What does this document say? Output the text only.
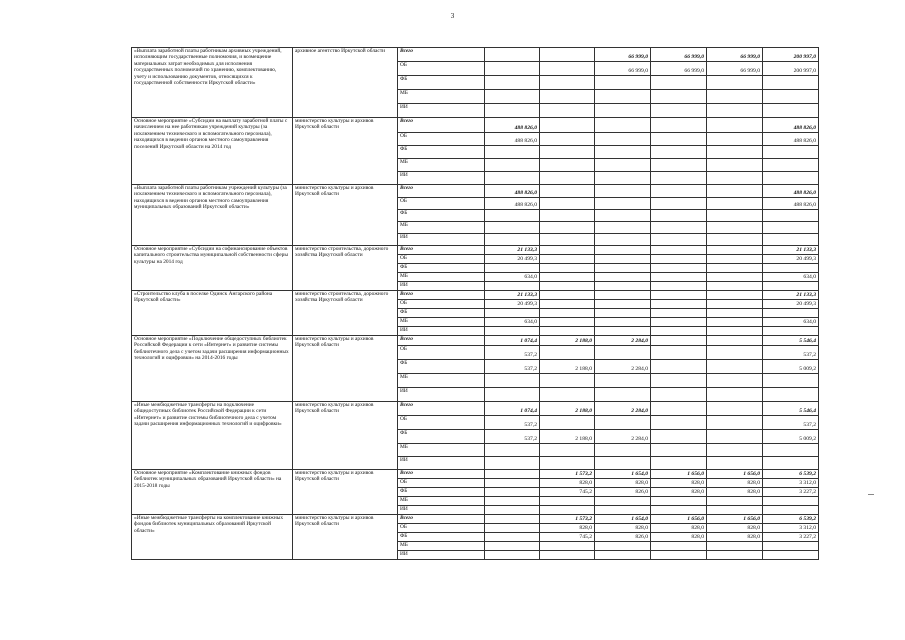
3
«Выплата заработной платы работникам архивных учреждений, исполняющим государственные полномочия, и возмещение материальных затрат необходимых для исполнения государственных полномочий по хранению, комплектованию, учету и использованию документов, относящихся к государственной собственности Иркутской области»	архивное агентство Иркутской области	Всего			66 999,0	66 999,0	66 999,0	200 997,0
		ОБ			66 999,0	66 999,0	66 999,0	200 997,0
		ФБ						
		МБ						
		ИИ						
Основное мероприятие «Субсидии на выплату заработной платы с начислением на нее работникам учреждений культуры (за исключением технического и вспомогательного персонала), находящихся в ведении органов местного самоуправления поселений Иркутской области на 2014 год	министерство культуры и архивов Иркутской области	Всего	488 826,0					488 826,0
		ОБ	488 826,0					488 826,0
		ФБ						
		МБ						
		ИИ						
«Выплата заработной платы работникам учреждений культуры (за исключением технического и вспомогательного персонала), находящихся в ведении органов местного самоуправления муниципальных образований Иркутской области»	министерство культуры и архивов Иркутской области	Всего	488 826,0					488 826,0
		ОБ	488 826,0					488 826,0
		ФБ						
		МБ						
		ИИ						
Основное мероприятие «Субсидии на софинансирование объектов капитального строительства муниципальной собственности сферы культуры на 2014 год	министерство строительства, дорожного хозяйства Иркутской области	Всего	21 133,3					21 133,3
		ОБ	20 499,3					20 499,3
		ФБ						
		МБ	634,0					634,0
		ИИ						
«Строительство клуба в поселке Одинск Ангарского района Иркутской области»	министерство строительства, дорожного хозяйства Иркутской области	Всего	21 133,3					21 133,3
		ОБ	20 499,3					20 499,3
		ФБ						
		МБ	634,0					634,0
		ИИ						
Основное мероприятие «Подключение общедоступных библиотек Российской Федерации к сети «Интернет» и развитие системы библиотечного дела с учетом задачи расширения информационных технологий и оцифровки» на 2014-2016 годы	министерство культуры и архивов Иркутской области	Всего	1 074,4	2 188,0	2 284,0			5 546,4
		ОБ	537,2					537,2
		ФБ	537,2	2 188,0	2 284,0			5 009,2
		МБ						
		ИИ						
«Иные межбюджетные трансферты на подключение общедоступных библиотек Российской Федерации к сети «Интернет» и развитие системы библиотечного дела с учетом задачи расширения информационных технологий и оцифровки»	министерство культуры и архивов Иркутской области	Всего	1 074,4	2 188,0	2 284,0			5 546,4
		ОБ	537,2					537,2
		ФБ	537,2	2 188,0	2 284,0			5 009,2
		МБ						
		ИИ						
Основное мероприятие «Комплектование книжных фондов библиотек муниципальных образований Иркутской области» на 2015-2018 годы	министерство культуры и архивов Иркутской области	Всего		1 573,2	1 654,0	1 656,0	1 656,0	6 539,2
		ОБ		828,0	828,0	828,0	828,0	3 312,0
		ФБ		745,2	826,0	828,0	828,0	3 227,2
		МБ						
		ИИ						
«Иные межбюджетные трансферты на комплектование книжных фондов библиотек муниципальных образований Иркутской области»	министерство культуры и архивов Иркутской области	Всего		1 573,2	1 654,0	1 656,0	1 656,0	6 539,2
		ОБ		828,0	828,0	828,0	828,0	3 312,0
		ФБ		745,2	826,0	828,0	828,0	3 227,2
		МБ						
		ИИ						
